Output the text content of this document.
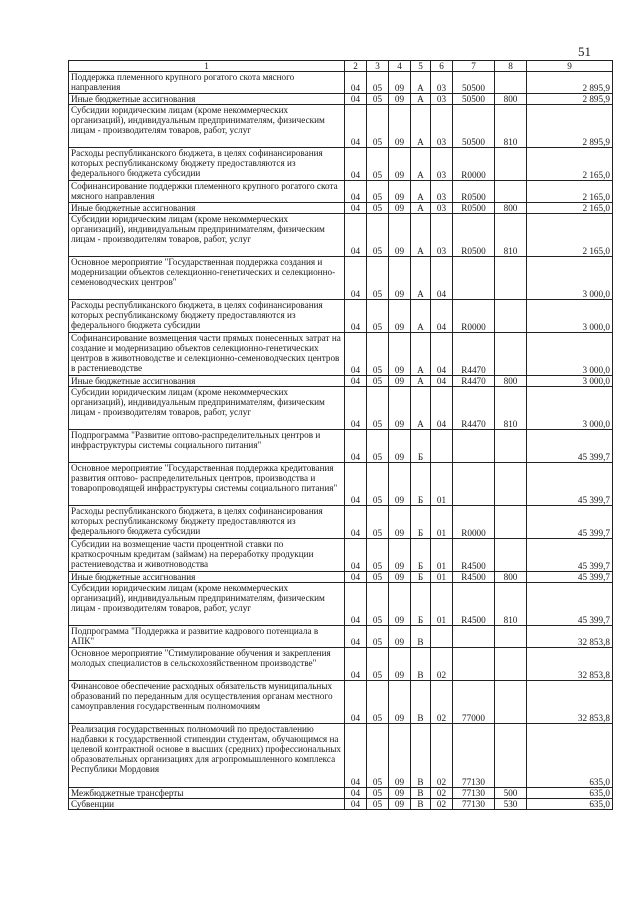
51
1	2	3	4	5	6	7	8	9
Поддержка племенного крупного рогатого скота мясного направления	04	05	09	А	03	50500		2 895,9
Иные бюджетные ассигнования	04	05	09	А	03	50500	800	2 895,9
Субсидии юридическим лицам (кроме некоммерческих организаций), индивидуальным предпринимателям, физическим лицам - производителям товаров, работ, услуг	04	05	09	А	03	50500	810	2 895,9
Расходы республиканского бюджета, в целях софинансирования которых республиканскому бюджету предоставляются из федерального бюджета субсидии	04	05	09	А	03	R0000		2 165,0
Софинансирование поддержки племенного крупного рогатого скота мясного направления	04	05	09	А	03	R0500		2 165,0
Иные бюджетные ассигнования	04	05	09	А	03	R0500	800	2 165,0
Субсидии юридическим лицам (кроме некоммерческих организаций), индивидуальным предпринимателям, физическим лицам - производителям товаров, работ, услуг	04	05	09	А	03	R0500	810	2 165,0
Основное мероприятие "Государственная поддержка создания и модернизации объектов селекционно-генетических и селекционно-семеноводческих центров"	04	05	09	А	04			3 000,0
Расходы республиканского бюджета, в целях софинансирования которых республиканскому бюджету предоставляются из федерального бюджета субсидии	04	05	09	А	04	R0000		3 000,0
Софинансирование возмещения части прямых понесенных затрат на создание и модернизацию объектов селекционно-генетических центров в животноводстве и селекционно-семеноводческих центров в растениеводстве	04	05	09	А	04	R4470		3 000,0
Иные бюджетные ассигнования	04	05	09	А	04	R4470	800	3 000,0
Субсидии юридическим лицам (кроме некоммерческих организаций), индивидуальным предпринимателям, физическим лицам - производителям товаров, работ, услуг	04	05	09	А	04	R4470	810	3 000,0
Подпрограмма "Развитие оптово-распределительных центров и инфраструктуры системы социального питания"	04	05	09	Б				45 399,7
Основное мероприятие "Государственная поддержка кредитования развития оптово- распределительных центров, производства и товаропроводящей инфраструктуры системы социального питания"	04	05	09	Б	01			45 399,7
Расходы республиканского бюджета, в целях софинансирования которых республиканскому бюджету предоставляются из федерального бюджета субсидии	04	05	09	Б	01	R0000		45 399,7
Субсидии на возмещение части процентной ставки по краткосрочным кредитам (займам) на переработку продукции растениеводства и животноводства	04	05	09	Б	01	R4500		45 399,7
Иные бюджетные ассигнования	04	05	09	Б	01	R4500	800	45 399,7
Субсидии юридическим лицам (кроме некоммерческих организаций), индивидуальным предпринимателям, физическим лицам - производителям товаров, работ, услуг	04	05	09	Б	01	R4500	810	45 399,7
Подпрограмма "Поддержка и развитие кадрового потенциала в АПК"	04	05	09	В				32 853,8
Основное мероприятие "Стимулирование обучения и закрепления молодых специалистов в сельскохозяйственном производстве"	04	05	09	В	02			32 853,8
Финансовое обеспечение расходных обязательств муниципальных образований по переданным для осуществления органам местного самоуправления государственным полномочиям	04	05	09	В	02	77000		32 853,8
Реализация государственных полномочий по предоставлению надбавки к государственной стипендии студентам, обучающимся на целевой контрактной основе в высших (средних) профессиональных образовательных организациях для агропромышленного комплекса Республики Мордовия	04	05	09	В	02	77130		635,0
Межбюджетные трансферты	04	05	09	В	02	77130	500	635,0
Субвенции	04	05	09	В	02	77130	530	635,0
